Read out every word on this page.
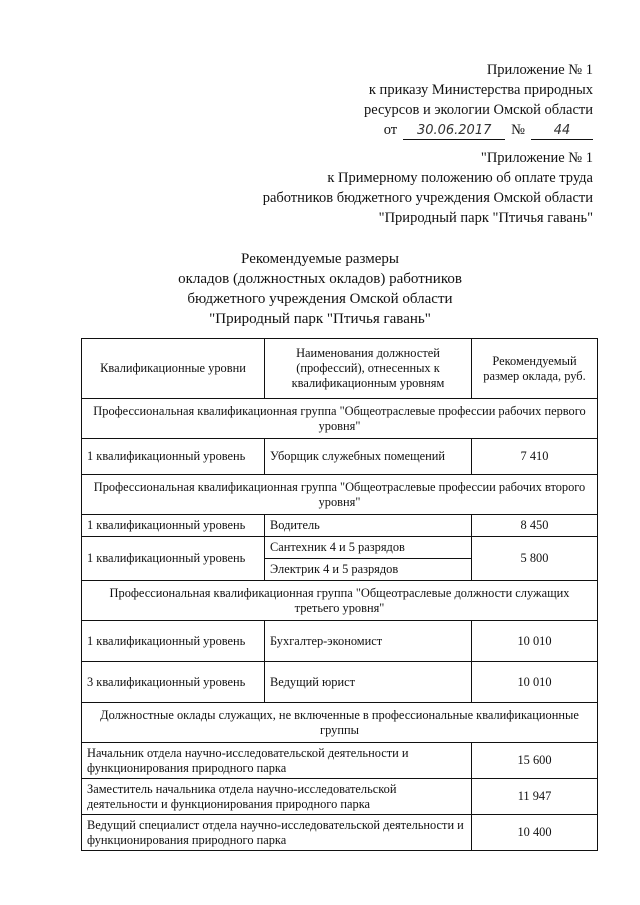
Приложение № 1
к приказу Министерства природных
ресурсов и экологии Омской области
от	30.06.2017	№	44
"Приложение № 1
к Примерному положению об оплате труда
работников бюджетного учреждения Омской области
"Природный парк "Птичья гавань"
Рекомендуемые размеры
окладов (должностных окладов) работников
бюджетного учреждения Омской области
"Природный парк "Птичья гавань"
Квалификационные уровни	Наименования должностей (профессий), отнесенных к квалификационным уровням	Рекомендуемый размер оклада, руб.
Профессиональная квалификационная группа "Общеотраслевые профессии рабочих первого уровня"		
1 квалификационный уровень	Уборщик служебных помещений	7 410
Профессиональная квалификационная группа "Общеотраслевые профессии рабочих второго уровня"		
1 квалификационный уровень	Водитель	8 450
1 квалификационный уровень	Сантехник 4 и 5 разрядов	5 800
	Электрик 4 и 5 разрядов	
Профессиональная квалификационная группа "Общеотраслевые должности служащих третьего уровня"		
1 квалификационный уровень	Бухгалтер-экономист	10 010
3 квалификационный уровень	Ведущий юрист	10 010
Должностные оклады служащих, не включенные в профессиональные квалификационные группы		
Начальник отдела научно-исследовательской деятельности и функционирования природного парка		15 600
Заместитель начальника отдела научно-исследовательской деятельности и функционирования природного парка		11 947
Ведущий специалист отдела научно-исследовательской деятельности и функционирования природного парка		10 400
